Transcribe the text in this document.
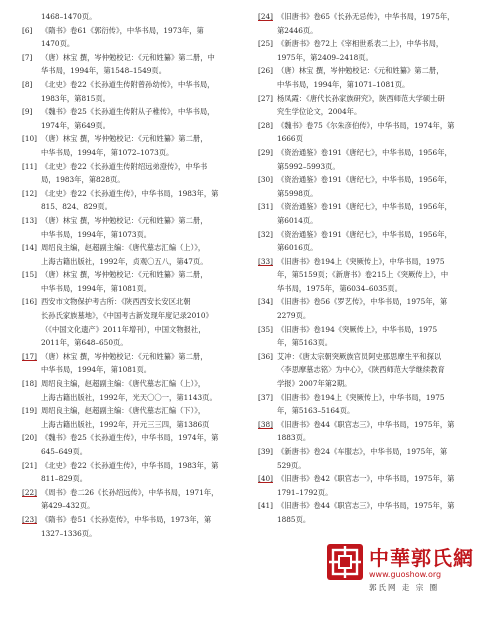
1468–1470页。
[6]	《隋书》卷61《郭衍传》，中华书局，1973年，第
1470页。
[7]	（唐）林宝 撰，岑仲勉校记：《元和姓纂》第二册，中
华书局，1994年，第1548–1549页。
[8]	《北史》卷22《长孙道生传附曾孙幼传》，中华书局，
1983年，第815页。
[9]	《魏书》卷25《长孙道生传附从子稚传》，中华书局，
1974年，第649页。
[10] （唐）林宝 撰，岑仲勉校记：《元和姓纂》第二册，
中华书局，1994年，第1072–1073页。
[11] 《北史》卷22《长孙道生传附绍远弟澄传》，中华书
局，1983年，第828页。
[12] 《北史》卷22《长孙道生传》，中华书局，1983年，第
815、824、829页。
[13] （唐）林宝 撰，岑仲勉校记：《元和姓纂》第二册，
中华书局，1994年，第1073页。
[14] 周绍良主编，赵超副主编：《唐代墓志汇编（上）》，
上海古籍出版社，1992年，贞观〇五八，第47页。
[15] （唐）林宝 撰，岑仲勉校记：《元和姓纂》第二册，
中华书局，1994年，第1081页。
[16] 西安市文物保护考古所：《陕西西安长安区北朝
长孙氏家族墓地》，《中国考古新发现年度记录2010》
（《中国文化遗产》2011年增刊），中国文物报社，
2011年，第648–650页。
[17] （唐）林宝 撰，岑仲勉校记：《元和姓纂》第二册，
中华书局，1994年，第1081页。
[18] 周绍良主编，赵超副主编：《唐代墓志汇编（上）》，
上海古籍出版社，1992年，光天〇〇一，第1143页。
[19] 周绍良主编，赵超副主编：《唐代墓志汇编（下）》，
上海古籍出版社，1992年，开元三三四，第1386页
[20] 《魏书》卷25《长孙道生传》，中华书局，1974年，第
645–649页。
[21] 《北史》卷22《长孙道生传》，中华书局，1983年，第
811–829页。
[22] 《周书》卷二26《长孙绍远传》，中华书局，1971年，
第429–432页。
[23] 《隋书》卷51《长孙览传》，中华书局，1973年，第
1327–1336页。
[24] 《旧唐书》卷65《长孙无忌传》，中华书局，1975年，
第2446页。
[25] 《新唐书》卷72上《宰相世系表二上》，中华书局，
1975年，第2409–2418页。
[26] （唐）林宝 撰，岑仲勉校记：《元和姓纂》第二册，
中华书局，1994年，第1071–1081页。
[27] 杨凤霞：《唐代长孙家族研究》，陕西师范大学硕士研
究生学位论文，2004年。
[28] 《魏书》卷75《尔朱彦伯传》，中华书局，1974年，第
1666页
[29] 《资治通鉴》卷191《唐纪七》，中华书局，1956年，
第5992–5993页。
[30] 《资治通鉴》卷191《唐纪七》，中华书局，1956年，
第5998页。
[31] 《资治通鉴》卷191《唐纪七》，中华书局，1956年，
第6014页。
[32] 《资治通鉴》卷191《唐纪七》，中华书局，1956年，
第6016页。
[33] 《旧唐书》卷194上《突厥传上》，中华书局，1975
年，第5159页；《新唐书》卷215上《突厥传上》，中
华书局，1975年，第6034–6035页。
[34] 《旧唐书》卷56《罗艺传》，中华书局，1975年，第
2279页。
[35] 《旧唐书》卷194《突厥传上》，中华书局，1975
年，第5163页。
[36] 艾冲：《唐太宗朝突厥族官员阿史那思摩生平和探以
〈李思摩墓志铭〉为中心》，《陕西师范大学继续教育
学报》2007年第2期。
[37] 《旧唐书》卷194上《突厥传上》，中华书局，1975
年，第5163–5164页。
[38] 《旧唐书》卷44《职官志三》，中华书局，1975年，第
1883页。
[39] 《新唐书》卷24《车服志》，中华书局，1975年，第
529页。
[40] 《旧唐书》卷42《职官志一》，中华书局，1975年，第
1791–1792页。
[41] 《旧唐书》卷44《职官志三》，中华书局，1975年，第
1885页。
中華郭氏網
www.guoshow.org
郭氏网 走 宗 圈
